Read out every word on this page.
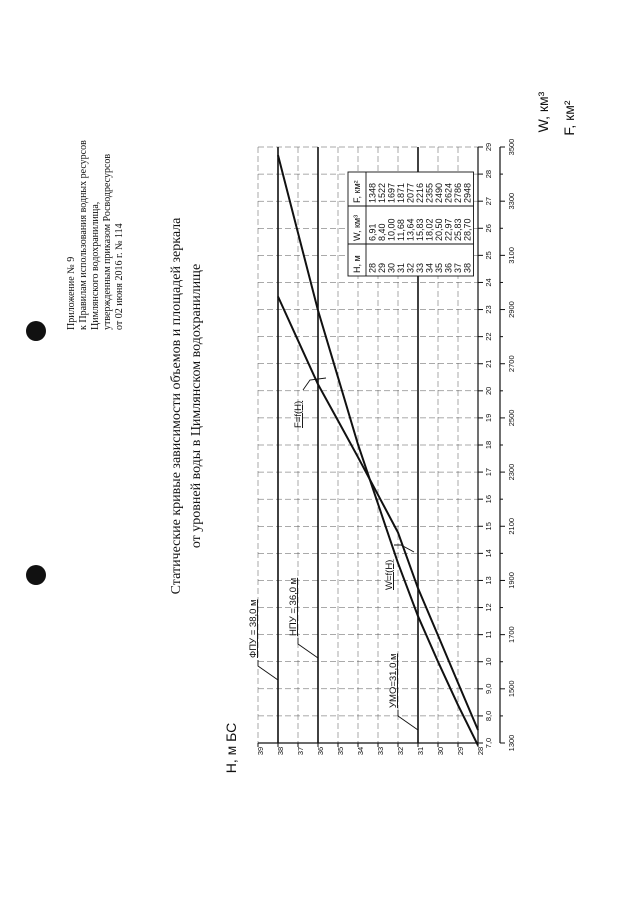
Приложение № 9 к Правилам использования водных ресурсов Цимлянского водохранилища, утвержденным приказом Росводресурсов от 02 июня 2016 г. № 114	Статические кривые зависимости объемов и площадей зеркала от уровней воды в Цимлянском водохранилище
28
29
30
31
32
33
34
35
36
37
38
39
7,0
8,0
9,0
10
11
12
13
14
15
16
17
18
19
20
21
22
23
24
25
26
27
28
29
1300
1500
1700
1900
2100
2300
2500
2700
2900
3100
3300
3500
Н, м БС
W, км³ F, км²
ФПУ = 38,0 м	НПУ = 36,0 м
УМО=31,0 м
W=f(H)
F=f(H)
Н, м
W, км³
F, км²
28
6,91
1348
29
8,40
1522
30
10,00
1697
31
11,68
1871
32
13,64
2077
33
15,83
2216
34
18,02
2355
35
20,50
2490
36
22,97
2624
37
25,83
2786
38
28,70
2948
